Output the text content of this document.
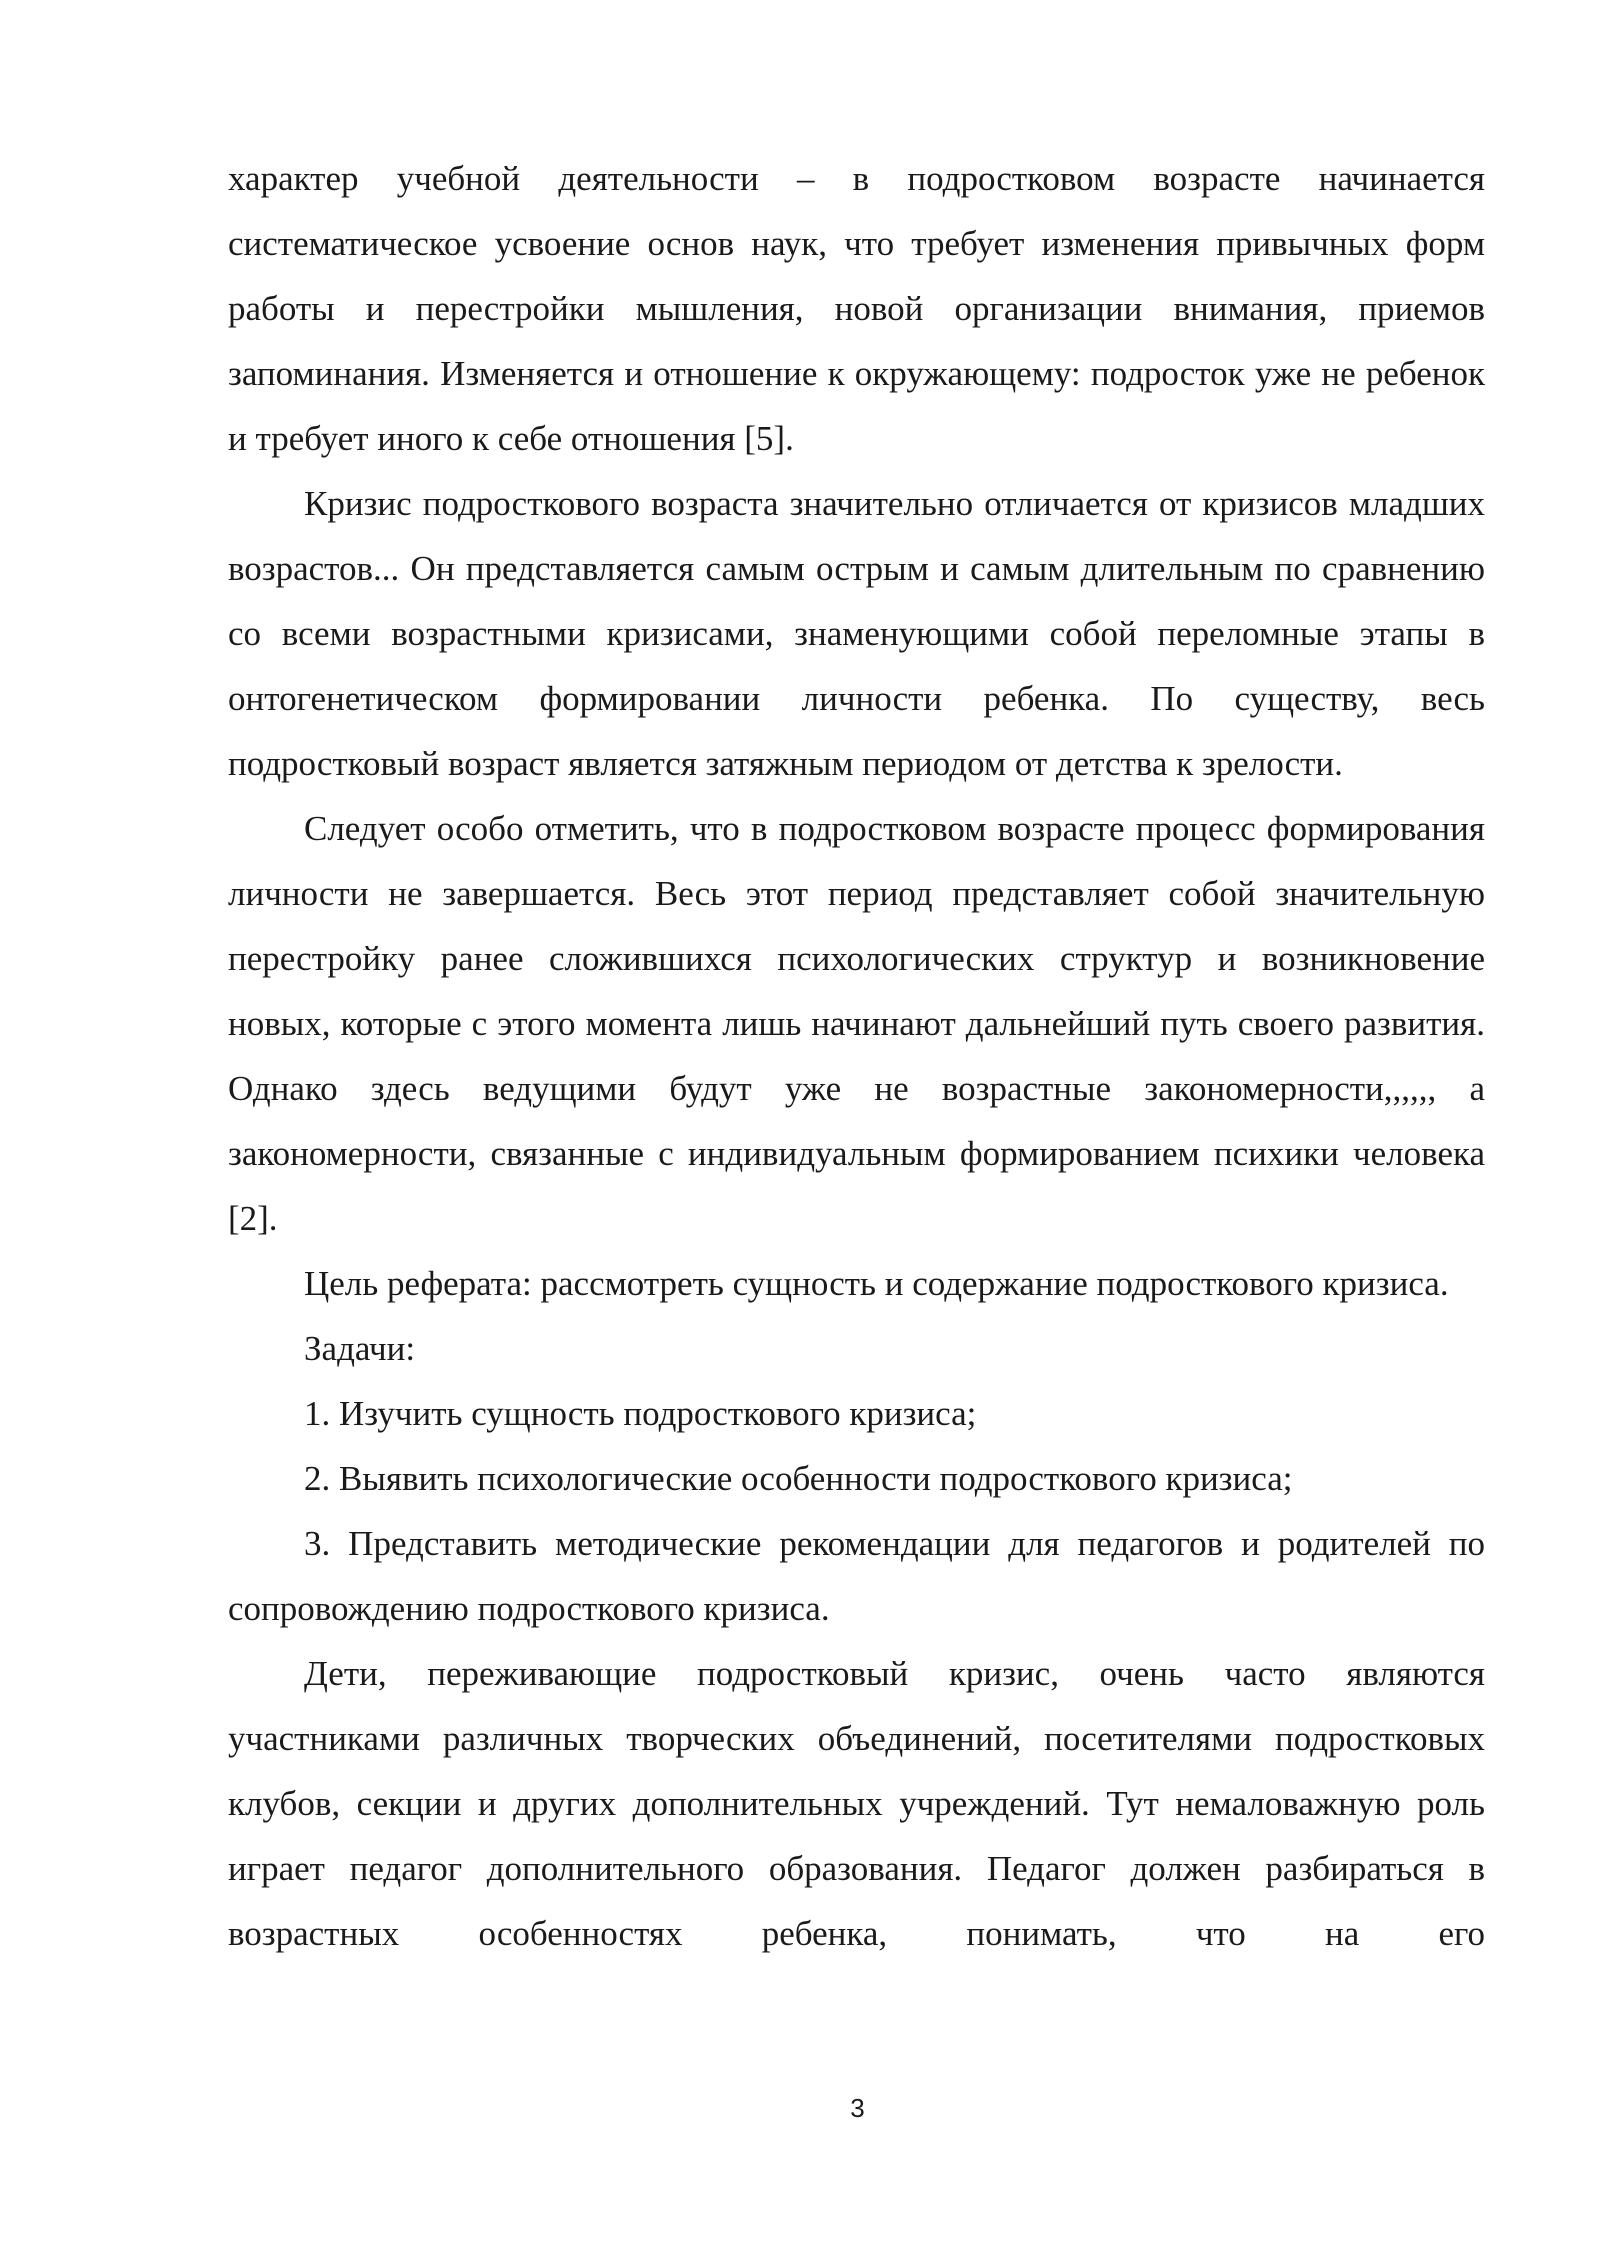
характер учебной деятельности – в подростковом возрасте начинается систематическое усвоение основ наук, что требует изменения привычных форм работы и перестройки мышления, новой организации внимания, приемов запоминания. Изменяется и отношение к окружающему: подросток уже не ребенок и требует иного к себе отношения [5].

Кризис подросткового возраста значительно отличается от кризисов младших возрастов... Он представляется самым острым и самым длительным по сравнению со всеми возрастными кризисами, знаменующими собой переломные этапы в онтогенетическом формировании личности ребенка. По существу, весь подростковый возраст является затяжным периодом от детства к зрелости.

Следует особо отметить, что в подростковом возрасте процесс формирования личности не завершается. Весь этот период представляет собой значительную перестройку ранее сложившихся психологических структур и возникновение новых, которые с этого момента лишь начинают дальнейший путь своего развития. Однако здесь ведущими будут уже не возрастные закономерности,,,,,, а закономерности, связанные с индивидуальным формированием психики человека [2].

Цель реферата: рассмотреть сущность и содержание подросткового кризиса.

Задачи:

1. Изучить сущность подросткового кризиса;

2. Выявить психологические особенности подросткового кризиса;

3. Представить методические рекомендации для педагогов и родителей по сопровождению подросткового кризиса.

Дети, переживающие подростковый кризис, очень часто являются участниками различных творческих объединений, посетителями подростковых клубов, секции и других дополнительных учреждений. Тут немаловажную роль играет педагог дополнительного образования. Педагог должен разбираться в возрастных особенностях ребенка, понимать, что на его

3
